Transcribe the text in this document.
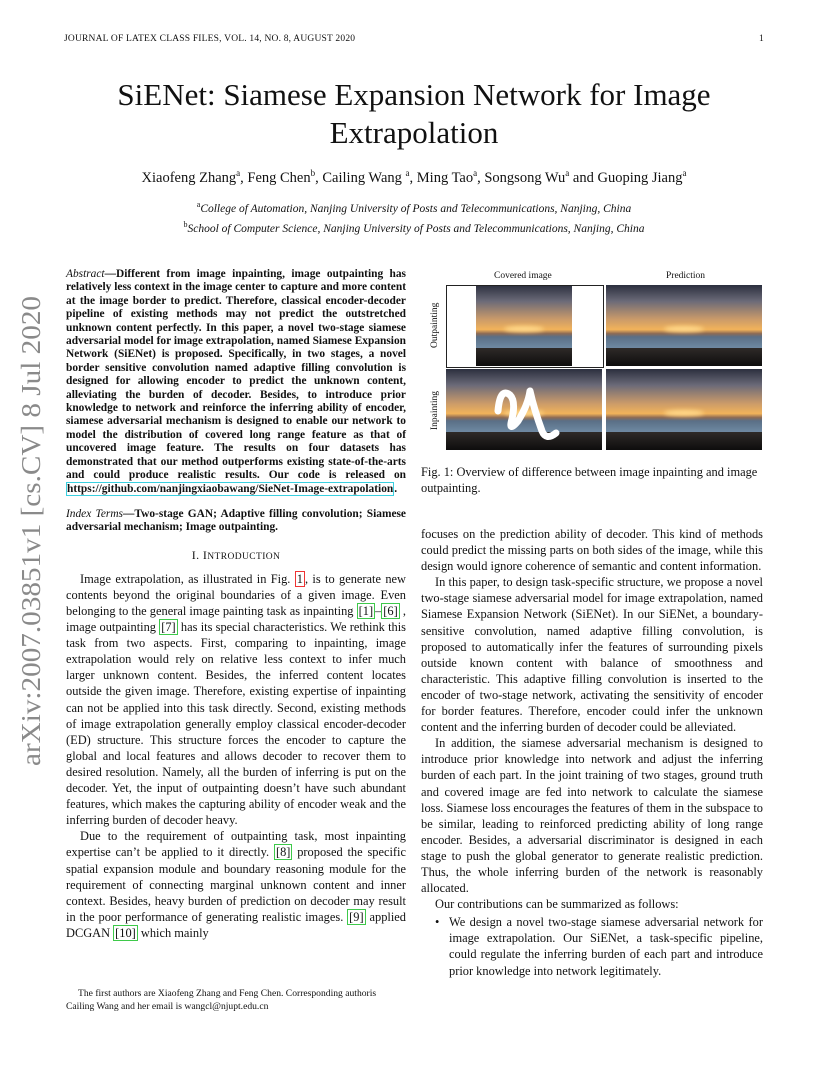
JOURNAL OF LATEX CLASS FILES, VOL. 14, NO. 8, AUGUST 2020	1
SiENet: Siamese Expansion Network for Image
Extrapolation
Xiaofeng Zhang$^a$, Feng Chen$^b$, Cailing Wang $^a$, Ming Tao$^a$, Songsong Wu$^a$ and Guoping Jiang$^a$
$^a$College of Automation, Nanjing University of Posts and Telecommunications, Nanjing, China
$^b$School of Computer Science, Nanjing University of Posts and Telecommunications, Nanjing, China
arXiv:2007.03851v1 [cs.CV] 8 Jul 2020

Abstract—Different from image inpainting, image outpainting has relatively less context in the image center to capture and more content at the image border to predict. Therefore, classical encoder-decoder pipeline of existing methods may not predict the outstretched unknown content perfectly. In this paper, a novel two-stage siamese adversarial model for image extrapolation, named Siamese Expansion Network (SiENet) is proposed. Specifically, in two stages, a novel border sensitive convolution named adaptive filling convolution is designed for allowing encoder to predict the unknown content, alleviating the burden of decoder. Besides, to introduce prior knowledge to network and reinforce the inferring ability of encoder, siamese adversarial mechanism is designed to enable our network to model the distribution of covered long range feature as that of uncovered image feature. The results on four datasets has demonstrated that our method outperforms existing state-of-the-arts and could produce realistic results. Our code is released on https://github.com/nanjingxiaobawang/SieNet-Image-extrapolation.

Index Terms—Two-stage GAN; Adaptive filling convolution; Siamese adversarial mechanism; Image outpainting.

I. INTRODUCTION

Image extrapolation, as illustrated in Fig. 1 , is to generate new contents beyond the original boundaries of a given image. Even belonging to the general image painting task as inpainting [1] – [6] , image outpainting [7] has its special characteristics. We rethink this task from two aspects. First, comparing to inpainting, image extrapolation would rely on relative less context to infer much larger unknown content. Besides, the inferred content locates outside the given image. Therefore, existing expertise of inpainting can not be applied into this task directly. Second, existing methods of image extrapolation generally employ classical encoder-decoder (ED) structure. This structure forces the encoder to capture the global and local features and allows decoder to recover them to desired resolution. Namely, all the burden of inferring is put on the decoder. Yet, the input of outpainting doesn’t have such abundant features, which makes the capturing ability of encoder weak and the inferring burden of decoder heavy.

Due to the requirement of outpainting task, most inpainting expertise can’t be applied to it directly. [8] proposed the specific spatial expansion module and boundary reasoning module for the requirement of connecting marginal unknown content and inner context. Besides, heavy burden of prediction on decoder may result in the poor performance of generating realistic images. [9] applied DCGAN [10] which mainly

The first authors are Xiaofeng Zhang and Feng Chen. Corresponding authoris Cailing Wang and her email is wangcl@njupt.edu.cn
Covered image	Prediction
Outpainting
Inpainting
Fig. 1: Overview of difference between image inpainting and image outpainting.

focuses on the prediction ability of decoder. This kind of methods could predict the missing parts on both sides of the image, while this design would ignore coherence of semantic and content information.

In this paper, to design task-specific structure, we propose a novel two-stage siamese adversarial model for image extrapolation, named Siamese Expansion Network (SiENet). In our SiENet, a boundary-sensitive convolution, named adaptive filling convolution, is proposed to automatically infer the features of surrounding pixels outside known content with balance of smoothness and characteristic. This adaptive filling convolution is inserted to the encoder of two-stage network, activating the sensitivity of encoder for border features. Therefore, encoder could infer the unknown content and the inferring burden of decoder could be alleviated.

In addition, the siamese adversarial mechanism is designed to introduce prior knowledge into network and adjust the inferring burden of each part. In the joint training of two stages, ground truth and covered image are fed into network to calculate the siamese loss. Siamese loss encourages the features of them in the subspace to be similar, leading to reinforced predicting ability of long range encoder. Besides, a adversarial discriminator is designed in each stage to push the global generator to generate realistic prediction. Thus, the whole inferring burden of the network is reasonably allocated.

Our contributions can be summarized as follows:

• We design a novel two-stage siamese adversarial network for image extrapolation. Our SiENet, a task-specific pipeline, could regulate the inferring burden of each part and introduce prior knowledge into network legitimately.
